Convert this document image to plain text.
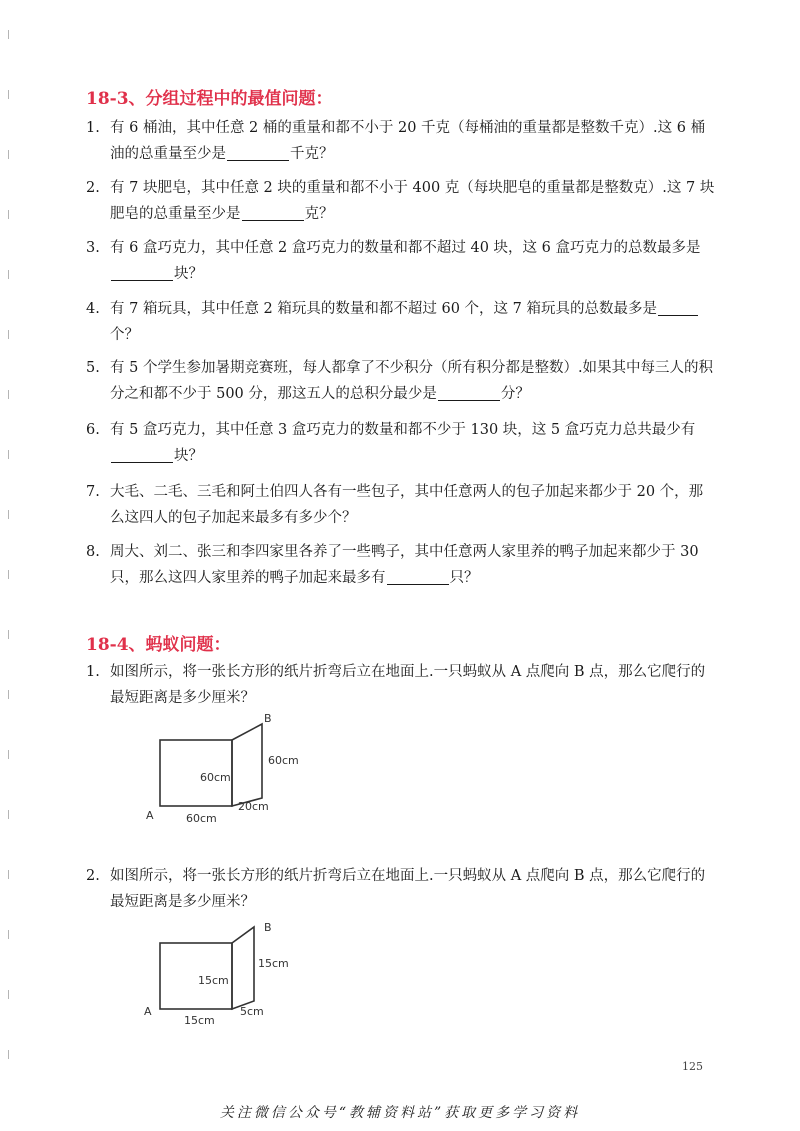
18-3、分组过程中的最值问题：
1. 有 6 桶油，其中任意 2 桶的重量和都不小于 20 千克（每桶油的重量都是整数千克）.这 6 桶油的总重量至少是	千克？
2. 有 7 块肥皂，其中任意 2 块的重量和都不小于 400 克（每块肥皂的重量都是整数克）.这 7 块肥皂的总重量至少是	克？
3. 有 6 盒巧克力，其中任意 2 盒巧克力的数量和都不超过 40 块，这 6 盒巧克力的总数最多是块？
4. 有 7 箱玩具，其中任意 2 箱玩具的数量和都不超过 60 个，这 7 箱玩具的总数最多是个？
5. 有 5 个学生参加暑期竞赛班，每人都拿了不少积分（所有积分都是整数）.如果其中每三人的积分之和都不少于 500 分，那这五人的总积分最少是	分？
6. 有 5 盒巧克力，其中任意 3 盒巧克力的数量和都不少于 130 块，这 5 盒巧克力总共最少有块？
7. 大毛、二毛、三毛和阿土伯四人各有一些包子，其中任意两人的包子加起来都少于 20 个，那么这四人的包子加起来最多有多少个？
8. 周大、刘二、张三和李四家里各养了一些鸭子，其中任意两人家里养的鸭子加起来都少于 30 只，那么这四人家里养的鸭子加起来最多有	只？
18-4、蚂蚁问题：
1. 如图所示，将一张长方形的纸片折弯后立在地面上.一只蚂蚁从 A 点爬向 B 点，那么它爬行的最短距离是多少厘米？
60cm
60cm
60cm
20cm
A
B
2. 如图所示，将一张长方形的纸片折弯后立在地面上.一只蚂蚁从 A 点爬向 B 点，那么它爬行的最短距离是多少厘米？
15cm
15cm
15cm
5cm
A
B
125
关注微信公众号“教辅资料站”获取更多学习资料
